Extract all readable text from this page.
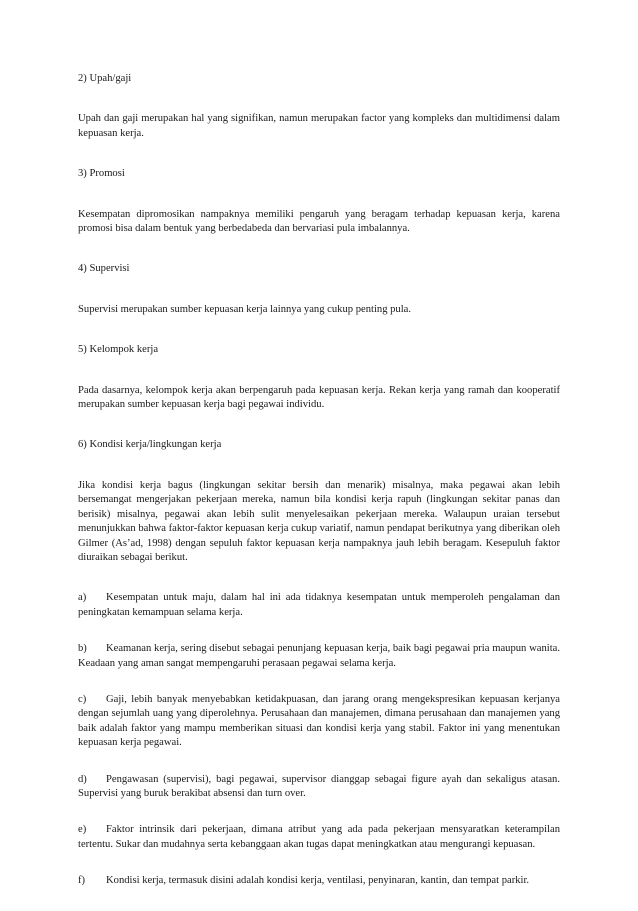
2) Upah/gaji
Upah dan gaji merupakan hal yang signifikan, namun merupakan factor yang kompleks dan multidimensi dalam kepuasan kerja.
3) Promosi
Kesempatan dipromosikan nampaknya memiliki pengaruh yang beragam terhadap kepuasan kerja, karena promosi bisa dalam bentuk yang berbedabeda dan bervariasi pula imbalannya.
4) Supervisi
Supervisi merupakan sumber kepuasan kerja lainnya yang cukup penting pula.
5) Kelompok kerja
Pada dasarnya, kelompok kerja akan berpengaruh pada kepuasan kerja. Rekan kerja yang ramah dan kooperatif merupakan sumber kepuasan kerja bagi pegawai individu.
6) Kondisi kerja/lingkungan kerja
Jika kondisi kerja bagus (lingkungan sekitar bersih dan menarik) misalnya, maka pegawai akan lebih bersemangat mengerjakan pekerjaan mereka, namun bila kondisi kerja rapuh (lingkungan sekitar panas dan berisik) misalnya, pegawai akan lebih sulit menyelesaikan pekerjaan mereka. Walaupun uraian tersebut menunjukkan bahwa faktor-faktor kepuasan kerja cukup variatif, namun pendapat berikutnya yang diberikan oleh Gilmer (As’ad, 1998) dengan sepuluh faktor kepuasan kerja nampaknya jauh lebih beragam. Kesepuluh faktor diuraikan sebagai berikut.
a) Kesempatan untuk maju, dalam hal ini ada tidaknya kesempatan untuk memperoleh pengalaman dan peningkatan kemampuan selama kerja.
b) Keamanan kerja, sering disebut sebagai penunjang kepuasan kerja, baik bagi pegawai pria maupun wanita. Keadaan yang aman sangat mempengaruhi perasaan pegawai selama kerja.
c) Gaji, lebih banyak menyebabkan ketidakpuasan, dan jarang orang mengekspresikan kepuasan kerjanya dengan sejumlah uang yang diperolehnya. Perusahaan dan manajemen, dimana perusahaan dan manajemen yang baik adalah faktor yang mampu memberikan situasi dan kondisi kerja yang stabil. Faktor ini yang menentukan kepuasan kerja pegawai.
d) Pengawasan (supervisi), bagi pegawai, supervisor dianggap sebagai figure ayah dan sekaligus atasan. Supervisi yang buruk berakibat absensi dan turn over.
e) Faktor intrinsik dari pekerjaan, dimana atribut yang ada pada pekerjaan mensyaratkan keterampilan tertentu. Sukar dan mudahnya serta kebanggaan akan tugas dapat meningkatkan atau mengurangi kepuasan.
f) Kondisi kerja, termasuk disini adalah kondisi kerja, ventilasi, penyinaran, kantin, dan tempat parkir.
